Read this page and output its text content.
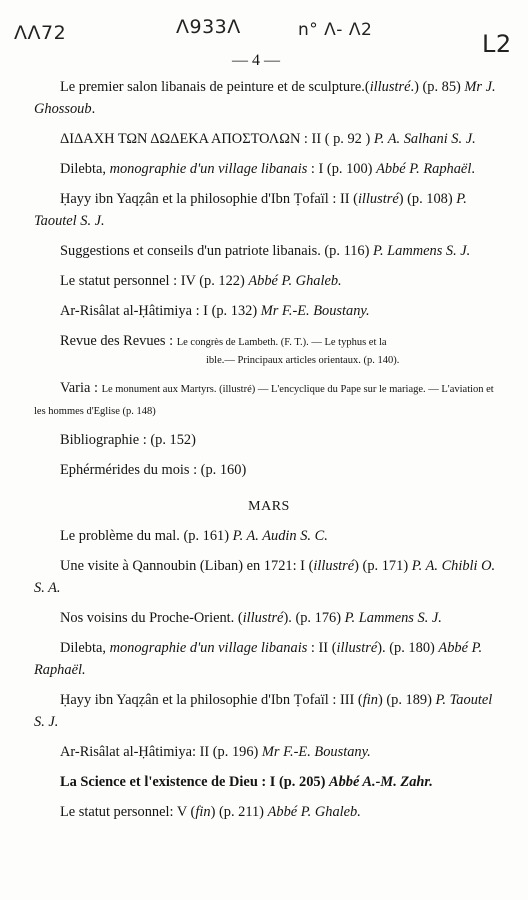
ɅɅ72	Ʌ933Ʌ	n° Ʌ- Ʌ2	L2
— 4 —

Le premier salon libanais de peinture et de sculpture.(illustré.) (p. 85) Mr J. Ghossoub.

ΔΙΔΑΧΗ ΤΩΝ ΔΩΔΕΚΑ ΑΠΟΣΤΟΛΩΝ : II ( p. 92 ) P. A. Salhani S. J.

Dilebta, monographie d'un village libanais : I (p. 100) Abbé P. Raphaël.

Ḥayy ibn Yaqẓân et la philosophie d'Ibn Ṭofaïl : II (illustré) (p. 108) P. Taoutel S. J.

Suggestions et conseils d'un patriote libanais. (p. 116) P. Lammens S. J.

Le statut personnel : IV (p. 122) Abbé P. Ghaleb.

Ar-Risâlat al-Ḥâtimiya : I (p. 132) Mr F.-E. Boustany.

Revue des Revues : Le congrès de Lambeth. (F. T.). — Le typhus et la

ible.— Principaux articles orientaux. (p. 140).

Varia : Le monument aux Martyrs. (illustré) — L'encyclique du Pape sur le mariage. — L'aviation et les hommes d'Eglise (p. 148)

Bibliographie : (p. 152)

Ephérmérides du mois : (p. 160)

MARS

Le problème du mal. (p. 161) P. A. Audin S. C.

Une visite à Qannoubin (Liban) en 1721: I (illustré) (p. 171) P. A. Chibli O. S. A.

Nos voisins du Proche-Orient. (illustré). (p. 176) P. Lammens S. J.

Dilebta, monographie d'un village libanais : II (illustré). (p. 180) Abbé P. Raphaël.

Ḥayy ibn Yaqẓân et la philosophie d'Ibn Ṭofaïl : III (fin) (p. 189) P. Taoutel S. J.

Ar-Risâlat al-Ḥâtimiya: II (p. 196) Mr F.-E. Boustany.

La Science et l'existence de Dieu : I (p. 205) Abbé A.-M. Zahr.

Le statut personnel: V (fin) (p. 211) Abbé P. Ghaleb.
